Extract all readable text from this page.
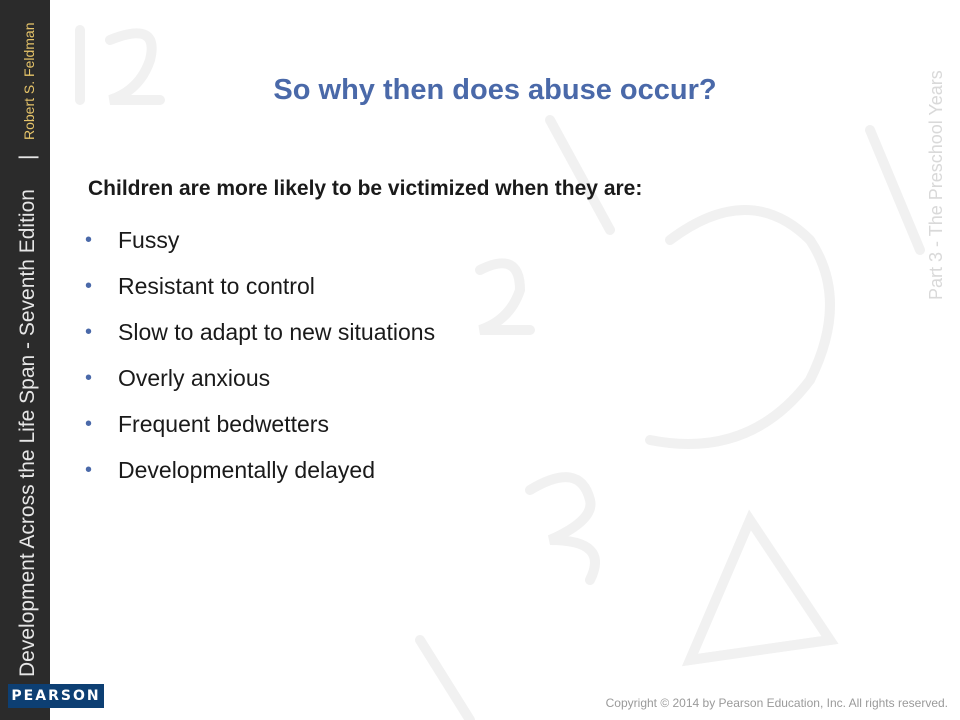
Development Across the Life Span - Seventh Edition
|
Robert S. Feldman
PEARSON
Part 3 - The Preschool Years
So why then does abuse occur?
Children are more likely to be victimized when they are:
• Fussy
• Resistant to control
• Slow to adapt to new situations
• Overly anxious
• Frequent bedwetters
• Developmentally delayed
Copyright © 2014 by Pearson Education, Inc. All rights reserved.
